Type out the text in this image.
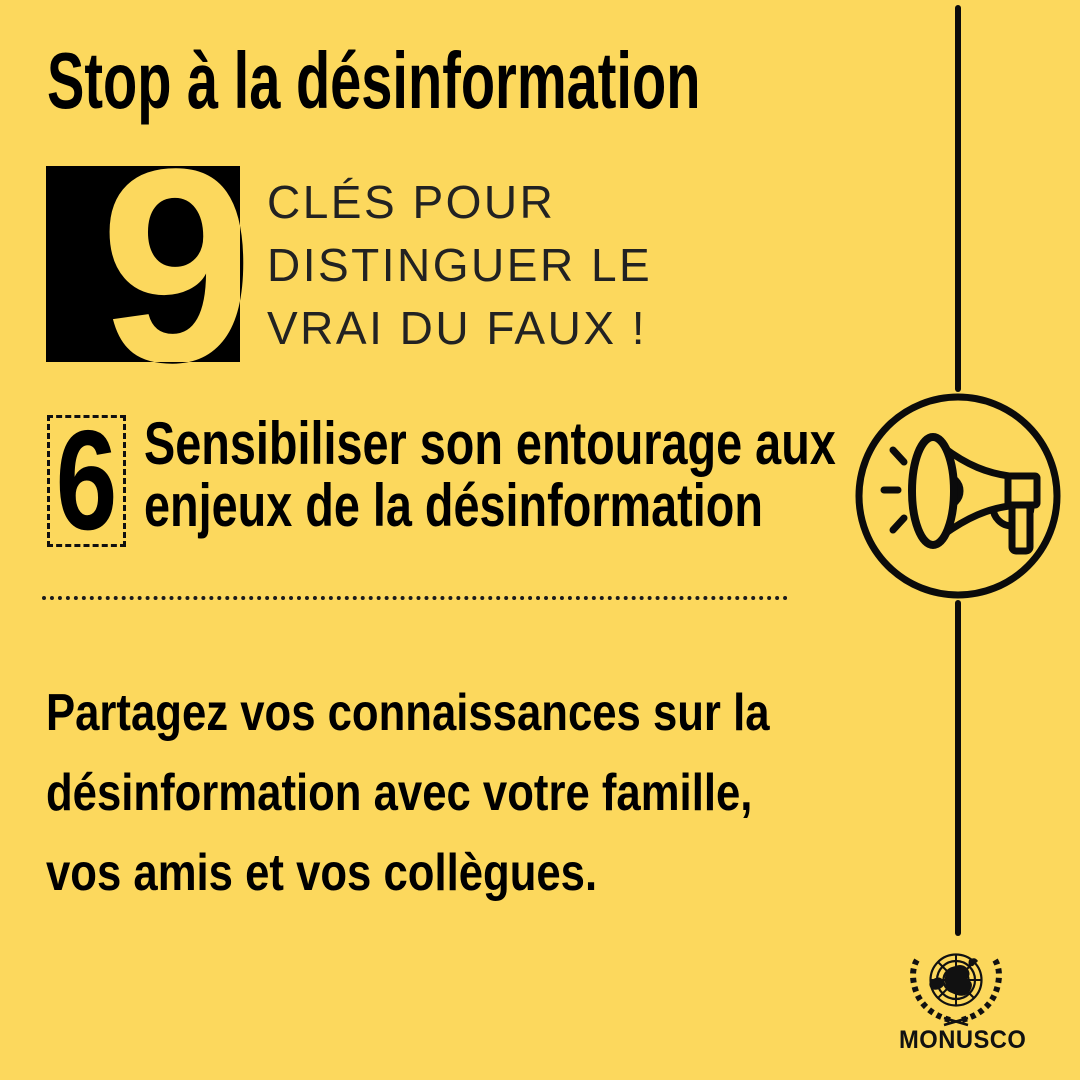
Stop à la désinformation
9 CLÉS POUR
DISTINGUER LE
VRAI DU FAUX !
6 Sensibiliser son entourage aux
enjeux de la désinformation

Partagez vos connaissances sur la
désinformation avec votre famille,
vos amis et vos collègues.

MONUSCO
